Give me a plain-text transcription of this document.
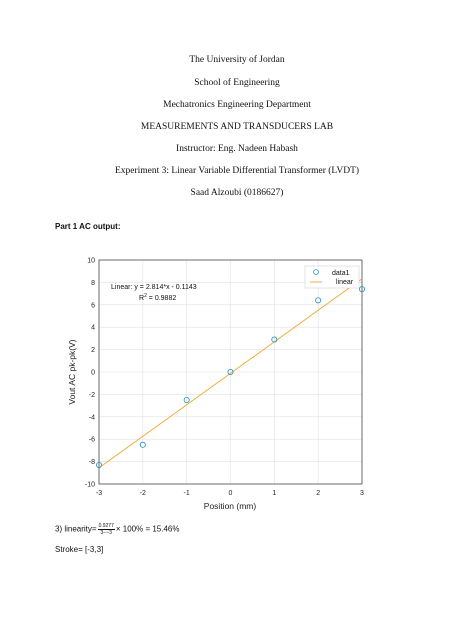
The University of Jordan
School of Engineering
Mechatronics Engineering Department
MEASUREMENTS AND TRANSDUCERS LAB
Instructor: Eng. Nadeen Habash
Experiment 3: Linear Variable Differential Transformer (LVDT)
Saad Alzoubi (0186627)
Part 1 AC output:
-3	-2	-1	0	1	2	3
-10
-8
-6
-4
-2
0
2
4
6
8
10
Position (mm)
Vout AC pk-pk(V)
Linear: y = 2.814*x - 0.1143
$R^2 = 0.9882$
data1
linear
3) linearity= $\frac{0.9277}{3--3} \times 100\% = 15.46\%$
Stroke= [-3,3]
